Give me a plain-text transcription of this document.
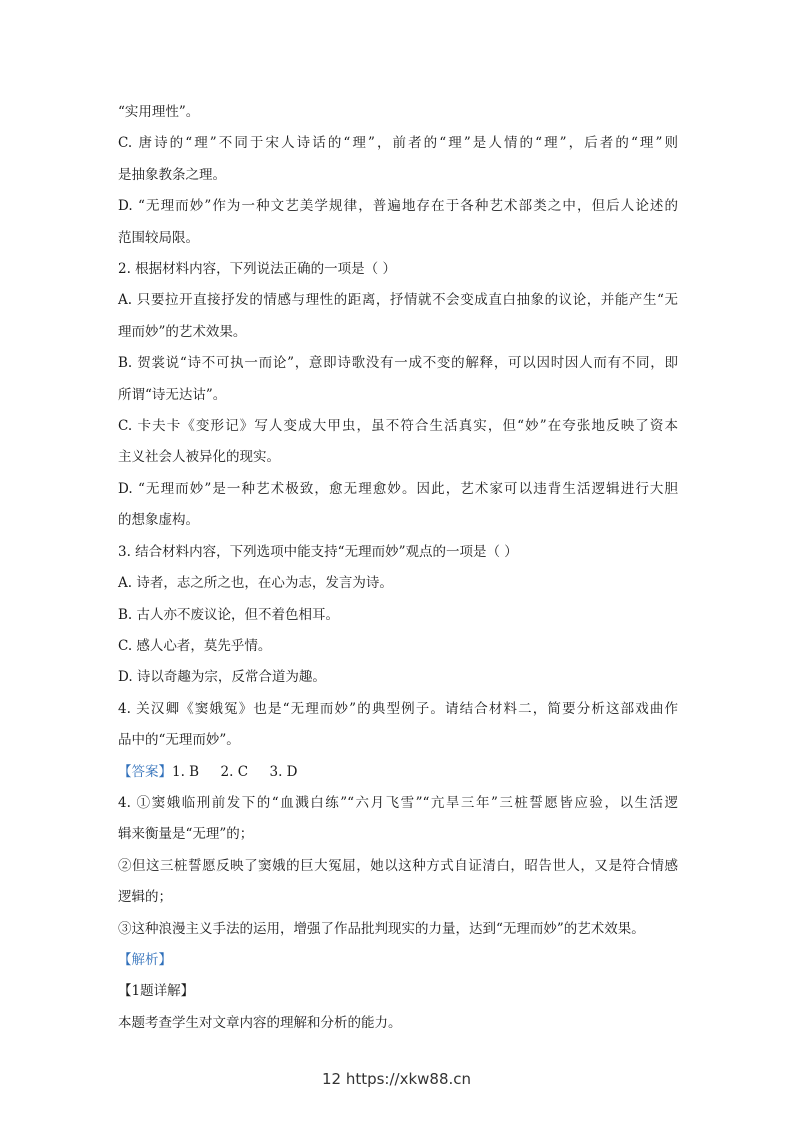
“实用理性”。
C. 唐诗的“理”不同于宋人诗话的“理”，前者的“理”是人情的“理”，后者的“理”则
是抽象教条之理。
D. “无理而妙”作为一种文艺美学规律，普遍地存在于各种艺术部类之中，但后人论述的
范围较局限。
2. 根据材料内容，下列说法正确的一项是（ ）
A. 只要拉开直接抒发的情感与理性的距离，抒情就不会变成直白抽象的议论，并能产生“无
理而妙”的艺术效果。
B. 贺裳说“诗不可执一而论”，意即诗歌没有一成不变的解释，可以因时因人而有不同，即
所谓“诗无达诂”。
C. 卡夫卡《变形记》写人变成大甲虫，虽不符合生活真实，但“妙”在夸张地反映了资本
主义社会人被异化的现实。
D. “无理而妙”是一种艺术极致，愈无理愈妙。因此，艺术家可以违背生活逻辑进行大胆
的想象虚构。
3. 结合材料内容，下列选项中能支持“无理而妙”观点的一项是（ ）
A. 诗者，志之所之也，在心为志，发言为诗。
B. 古人亦不废议论，但不着色相耳。
C. 感人心者，莫先乎情。
D. 诗以奇趣为宗，反常合道为趣。
4. 关汉卿《窦娥冤》也是“无理而妙”的典型例子。请结合材料二，简要分析这部戏曲作
品中的“无理而妙”。
【答案】1. B     2. C     3. D
4. ①窦娥临刑前发下的“血溅白练”“六月飞雪”“亢旱三年”三桩誓愿皆应验，以生活逻
辑来衡量是“无理”的；
②但这三桩誓愿反映了窦娥的巨大冤屈，她以这种方式自证清白，昭告世人，又是符合情感
逻辑的；
③这种浪漫主义手法的运用，增强了作品批判现实的力量，达到“无理而妙”的艺术效果。
【解析】
【1题详解】
本题考查学生对文章内容的理解和分析的能力。
12 https://xkw88.cn
